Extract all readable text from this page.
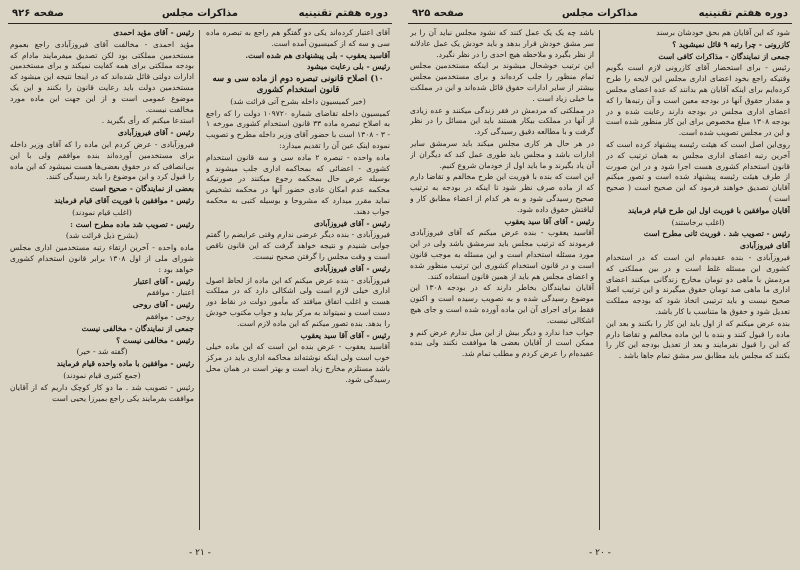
دوره هفتم تقنینیه
مذاکرات مجلس
صفحه ۹۲۶

آقای اعتبار کرده‌اند یکی دو گفتگو هم راجع به تبصره ماده سی و سه که از کمیسیون آمده است.

آقاسید یعقوب - بلی پیشنهادی هم شده است.

رئیس - بلی رعایت میشود

۱۰) اصلاح قانونی تبصره دوم از ماده سی و سه قانون استخدام کشوری

(خبر کمیسیون داخله بشرح آتی قرائت شد)

کمیسیون داخله تقاضای شماره ۱۰۹۷۲۰ دولت را که راجع به اصلاح تبصره ماده ۳۳ قانون استخدام کشوری مورخه ۱ - ۳ - ۱۳۰۸ است با حضور آقای وزیر داخله مطرح و تصویب نموده اینک عین آن را تقدیم میدارد:

ماده واحده - تبصره ۲ ماده سی و سه قانون استخدام کشوری - اعضائی که بمحاکمه اداری جلب میشوند و بوسیله عرض حال بمحکمه رجوع میکنند در صورتیکه محکمه عدم امکان عادی حضور آنها در محکمه تشخیص نماید مقرر میدارد که مشروحا و بوسیله کتبی به محکمه جواب دهند.

رئیس - آقای فیروزآبادی

فیروزآبادی - بنده دیگر عرضی ندارم وقتی عرایضم را گفتم جوابی شنیدم و نتیجه خواهد گرفت که این قانون ناقص است و وقت مجلس را گرفتن صحیح نیست.

رئیس - آقای فیروزآبادی

فیروزآبادی - بنده عرض میکنم که این ماده از لحاظ اصول اداری خیلی لازم است ولی اشکالی دارد که در مملکت هست و اغلب اتفاق میافتد که مأمور دولت در نقاط دور دست است و نمیتواند به مرکز بیاید و جواب مکتوب خودش را بدهد. بنده تصور میکنم که این ماده لازم است.

رئیس - آقای آقا سید یعقوب

آقاسید یعقوب - عرض بنده این است که این ماده خیلی خوب است ولی اینکه نوشته‌اند محاکمه اداری باید در مرکز باشد مستلزم مخارج زیاد است و بهتر است در همان محل رسیدگی شود.

رئیس - آقای مؤید احمدی

مؤید احمدی - مخالفت آقای فیروزآبادی راجع بعموم مستخدمین مملکتی بود لکن تصدیق میفرمایند مادام که بودجه مملکتی برای همه کفایت نمیکند و برای مستخدمین ادارات دولتی قائل شده‌اند که در اینجا نتیجه این میشود که مستخدمین دولت باید رعایت قانون را بکنند و این یک موضوع عمومی است و از این جهت این ماده مورد مخالفت نیست.

استدعا میکنم که رأی بگیرید .

رئیس - آقای فیروزآبادی

فیروزآبادی - عرض کردم این ماده را که آقای وزیر داخله برای مستخدمین آورده‌اند بنده موافقم ولی با این بی‌انصافی که در حقوق بعضی‌ها هست نمیشود که این ماده را قبول کرد و این موضوع را باید رسیدگی کنند.

بعضی از نمایندگان - صحیح است

رئیس - موافقین با فوریت آقای قیام فرمایند

(اغلب قیام نمودند)

رئیس - تصویب شد ماده مطرح است :

(بشرح ذیل قرائت شد)

ماده واحده - آخرین ارتقاء رتبه مستخدمین اداری مجلس شورای ملی از اول ۱۳۰۸ برابر قانون استخدام کشوری خواهد بود :

رئیس - آقای اعتبار

اعتبار - موافقم

رئیس - آقای روحی

روحی - موافقم

جمعی از نمایندگان - مخالفی نیست

رئیس - مخالفی نیست ؟

(گفته شد - خیر)

رئیس - موافقین با ماده واحده قیام فرمایند

(جمع کثیری قیام نمودند)

رئیس - تصویب شد . ما دو کار کوچک داریم که از آقایان موافقت بفرمایند یکی راجع بمیرزا یحیی است

- ۲۱ -
دوره هفتم تقنینیه
مذاکرات مجلس
صفحه ۹۲۵

شود که این آقایان هم بحق خودشان برسند

کازرونی - چرا رتبه ۹ قائل نمیشوید ؟

جمعی از نمایندگان - مذاکرات کافی است

رئیس - برای استحضار آقای کازرونی لازم است بگویم وقتیکه راجع بخود اعضای اداری مجلس این لایحه را طرح کرده‌ایم برای اینکه آقایان هم بدانند که عده اعضای مجلس و مقدار حقوق آنها در بودجه معین است و آن رتبه‌ها را که اعضای اداری مجلس در بودجه دارند رعایت شده و در بودجه ۱۳۰۸ مبلغ مخصوص برای این کار منظور شده است و این در مجلس تصویب شده است.

روی‌این اصل است که هیئت رئیسه پیشنهاد کرده است که آخرین رتبه اعضای اداری مجلس به همان ترتیب که در قانون استخدام کشوری هست اجرا شود و در این صورت از طرف هیئت رئیسه پیشنهاد شده است و تصور میکنم آقایان تصدیق خواهند فرمود که این صحیح است ( صحیح است )

آقایان موافقین با فوریت اول این طرح قیام فرمایند

(اغلب برخاستند)

رئیس - تصویب شد . فوریت ثانی مطرح است

آقای فیروزآبادی

فیروزآبادی - بنده عقیده‌ام این است که در استخدام کشوری این مسئله غلط است و در بین مملکتی که مردمش با ماهی دو تومان مخارج زندگانی میکنند اعضای اداری ما ماهی صد تومان حقوق میگیرند و این ترتیب اصلا صحیح نیست و باید ترتیبی اتخاذ شود که بودجه مملکت تعدیل شود و حقوق ها متناسب با کار باشد.

بنده عرض میکنم که از اول باید این کار را بکنند و بعد این ماده را قبول کنند و بنده با این ماده مخالفم و تقاضا دارم که این را قبول نفرمایند و بعد از تعدیل بودجه این کار را بکنند که مجلس باید مطابق سر مشق تمام جاها باشد .

باشد چه یک یک عمل کنند که نشود مجلس نباید آن را بر سر مشق خودش قرار بدهد و باید خودش یک عمل عادلانه از نظر بگیرد و ملاحظه هیچ احدی را در نظر نگیرد.

این ترتیب خوشحال میشوند بر اینکه مستخدمین مجلس تمام منظور را جلب کرده‌اند و برای مستخدمین مجلس بیشتر از سایر ادارات حقوق قائل شده‌اند و این در مملکت ما خیلی زیاد است .

در مملکتی که مردمش در فقر زندگی میکنند و عده زیادی از آنها در مملکت بیکار هستند باید این مسائل را در نظر گرفت و با مطالعه دقیق رسیدگی کرد.

در هر حال هر کاری مجلس میکند باید سرمشق سایر ادارات باشد و مجلس باید طوری عمل کند که دیگران از آن یاد بگیرند و ما باید اول از خودمان شروع کنیم.

این است که بنده با فوریت این طرح مخالفم و تقاضا دارم که از ماده صرف نظر شود تا اینکه در بودجه به ترتیب صحیح رسیدگی شود و به هر کدام از اعضاء مطابق کار و لیاقتش حقوق داده شود.

رئیس - آقای آقا سید یعقوب

آقاسید یعقوب - بنده عرض میکنم که آقای فیروزآبادی فرمودند که ترتیب مجلس باید سرمشق باشد ولی در این مورد مسئله استخدام است و این مسئله به موجب قانون است و در قانون استخدام کشوری این ترتیب منظور شده و اعضای مجلس هم باید از همین قانون استفاده کنند.

آقایان نمایندگان بخاطر دارند که در بودجه ۱۳۰۸ این موضوع رسیدگی شده و به تصویب رسیده است و اکنون فقط برای اجرای آن این ماده آورده شده است و جای هیچ اشکالی نیست.

جواب خدا ندارد و دیگر بیش از این میل ندارم عرض کنم و ممکن است از آقایان بعضی ها موافقت نکنند ولی بنده عقیده‌ام را عرض کردم و مطلب تمام شد.

- ۲۰ -
